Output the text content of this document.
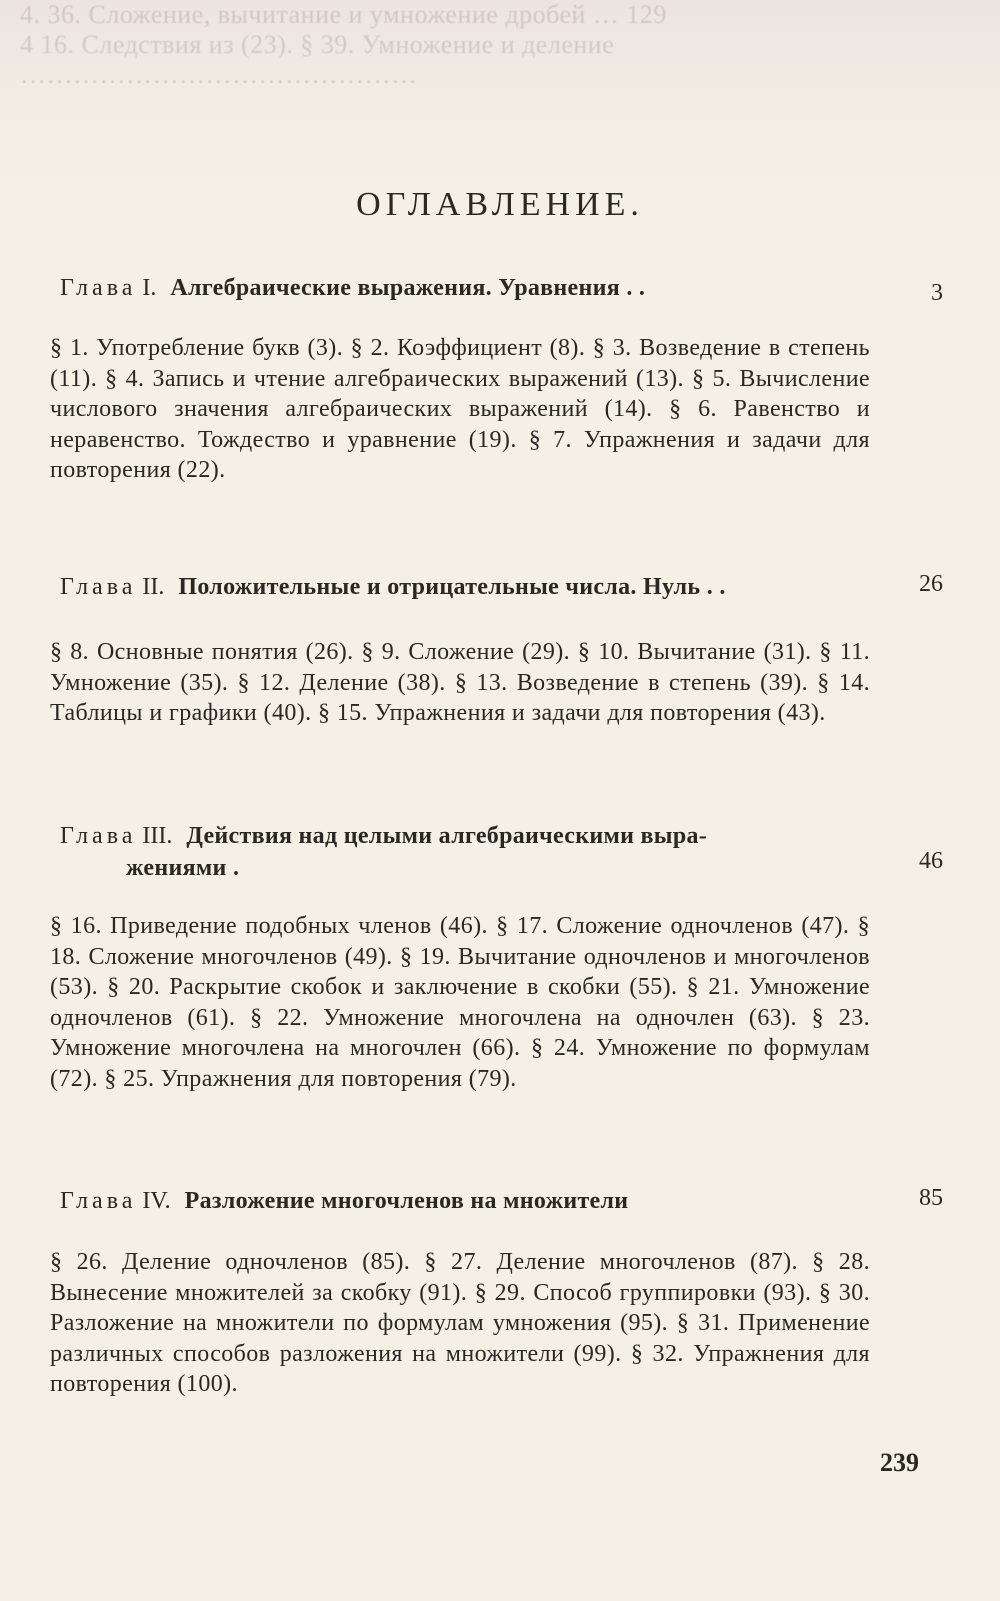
4. 36. Сложение, вычитание и умножение дробей … 129
4 16. Следствия из (23). § 39. Умножение и деление
………………………………………
ОГЛАВЛЕНИЕ.
Глава I. Алгебраические выражения. Уравнения . .	3
§ 1. Употребление букв (3). § 2. Коэффициент (8). § 3. Возведение в степень (11). § 4. Запись и чтение алгебраических выражений (13). § 5. Вычисление числового значения алгебраических выражений (14). § 6. Равенство и неравенство. Тождество и уравнение (19). § 7. Упражнения и задачи для повторения (22).
Глава II. Положительные и отрицательные числа. Нуль . .	26
§ 8. Основные понятия (26). § 9. Сложение (29). § 10. Вычитание (31). § 11. Умножение (35). § 12. Деление (38). § 13. Возведение в степень (39). § 14. Таблицы и графики (40). § 15. Упражнения и задачи для повторения (43).
Глава III. Действия над целыми алгебраическими выра-
жениями .	46
§ 16. Приведение подобных членов (46). § 17. Сложение одночленов (47). § 18. Сложение многочленов (49). § 19. Вычитание одночленов и многочленов (53). § 20. Раскрытие скобок и заключение в скобки (55). § 21. Умножение одночленов (61). § 22. Умножение многочлена на одночлен (63). § 23. Умножение многочлена на многочлен (66). § 24. Умножение по формулам (72). § 25. Упражнения для повторения (79).
Глава IV. Разложение многочленов на множители	85
§ 26. Деление одночленов (85). § 27. Деление многочленов (87). § 28. Вынесение множителей за скобку (91). § 29. Способ группировки (93). § 30. Разложение на множители по формулам умножения (95). § 31. Применение различных способов разложения на множители (99). § 32. Упражнения для повторения (100).
239
